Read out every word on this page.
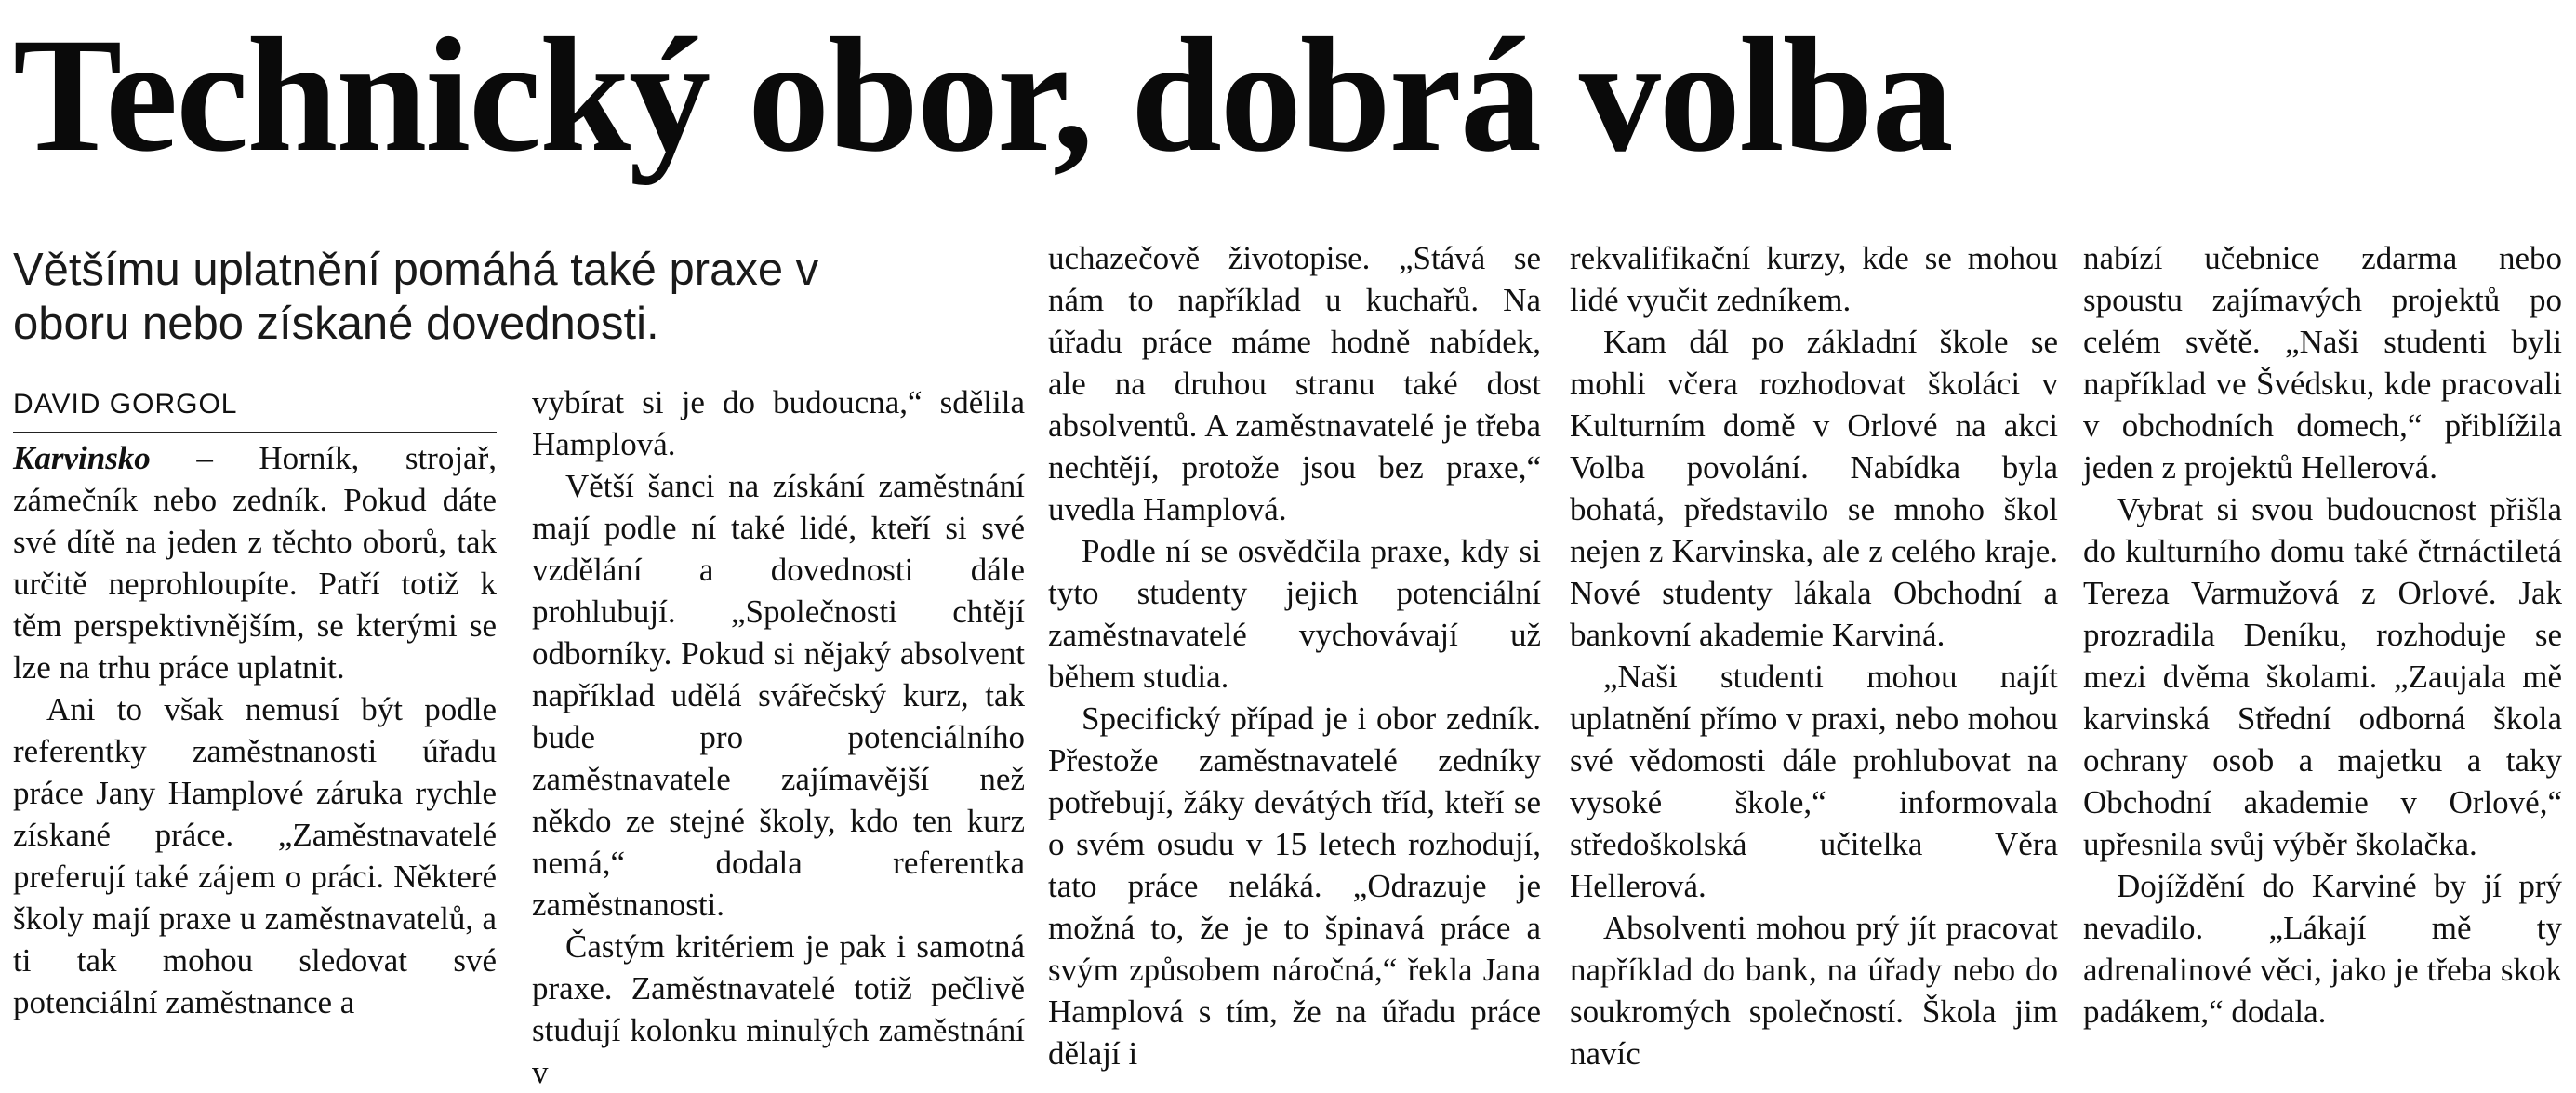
Technický obor, dobrá volba
Většímu uplatnění pomáhá také praxe v oboru nebo získané dovednosti.
DAVID GORGOL

Karvinsko – Horník, strojař, zámečník nebo zedník. Pokud dáte své dítě na jeden z těchto oborů, tak určitě neprohloupíte. Patří totiž k těm perspektivnějším, se kterými se lze na trhu práce uplatnit.

Ani to však nemusí být podle referentky zaměstnanosti úřadu práce Jany Hamplové záruka rychle získané práce. „Zaměstnavatelé preferují také zájem o práci. Některé školy mají praxe u zaměstnavatelů, a ti tak mohou sledovat své potenciální zaměstnance a

vybírat si je do budoucna,“ sdělila Hamplová.

Větší šanci na získání zaměstnání mají podle ní také lidé, kteří si své vzdělání a dovednosti dále prohlubují. „Společnosti chtějí odborníky. Pokud si nějaký absolvent například udělá svářečský kurz, tak bude pro potenciálního zaměstnavatele zajímavější než někdo ze stejné školy, kdo ten kurz nemá,“ dodala referentka zaměstnanosti.

Častým kritériem je pak i samotná praxe. Zaměstnavatelé totiž pečlivě studují kolonku minulých zaměstnání v

uchazečově životopise. „Stává se nám to například u kuchařů. Na úřadu práce máme hodně nabídek, ale na druhou stranu také dost absolventů. A zaměstnavatelé je třeba nechtějí, protože jsou bez praxe,“ uvedla Hamplová.

Podle ní se osvědčila praxe, kdy si tyto studenty jejich potenciální zaměstnavatelé vychovávají už během studia.

Specifický případ je i obor zedník. Přestože zaměstnavatelé zedníky potřebují, žáky devátých tříd, kteří se o svém osudu v 15 letech rozhodují, tato práce neláká. „Odrazuje je možná to, že je to špinavá práce a svým způsobem náročná,“ řekla Jana Hamplová s tím, že na úřadu práce dělají i

rekvalifikační kurzy, kde se mohou lidé vyučit zedníkem.

Kam dál po základní škole se mohli včera rozhodovat školáci v Kulturním domě v Orlové na akci Volba povolání. Nabídka byla bohatá, představilo se mnoho škol nejen z Karvinska, ale z celého kraje. Nové studenty lákala Obchodní a bankovní akademie Karviná.

„Naši studenti mohou najít uplatnění přímo v praxi, nebo mohou své vědomosti dále prohlubovat na vysoké škole,“ informovala středoškolská učitelka Věra Hellerová.

Absolventi mohou prý jít pracovat například do bank, na úřady nebo do soukromých společností. Škola jim navíc

nabízí učebnice zdarma nebo spoustu zajímavých projektů po celém světě. „Naši studenti byli například ve Švédsku, kde pracovali v obchodních domech,“ přiblížila jeden z projektů Hellerová.

Vybrat si svou budoucnost přišla do kulturního domu také čtrnáctiletá Tereza Varmužová z Orlové. Jak prozradila Deníku, rozhoduje se mezi dvěma školami. „Zaujala mě karvinská Střední odborná škola ochrany osob a majetku a taky Obchodní akademie v Orlové,“ upřesnila svůj výběr školačka.

Dojíždění do Karviné by jí prý nevadilo. „Lákají mě ty adrenalinové věci, jako je třeba skok padákem,“ dodala.
